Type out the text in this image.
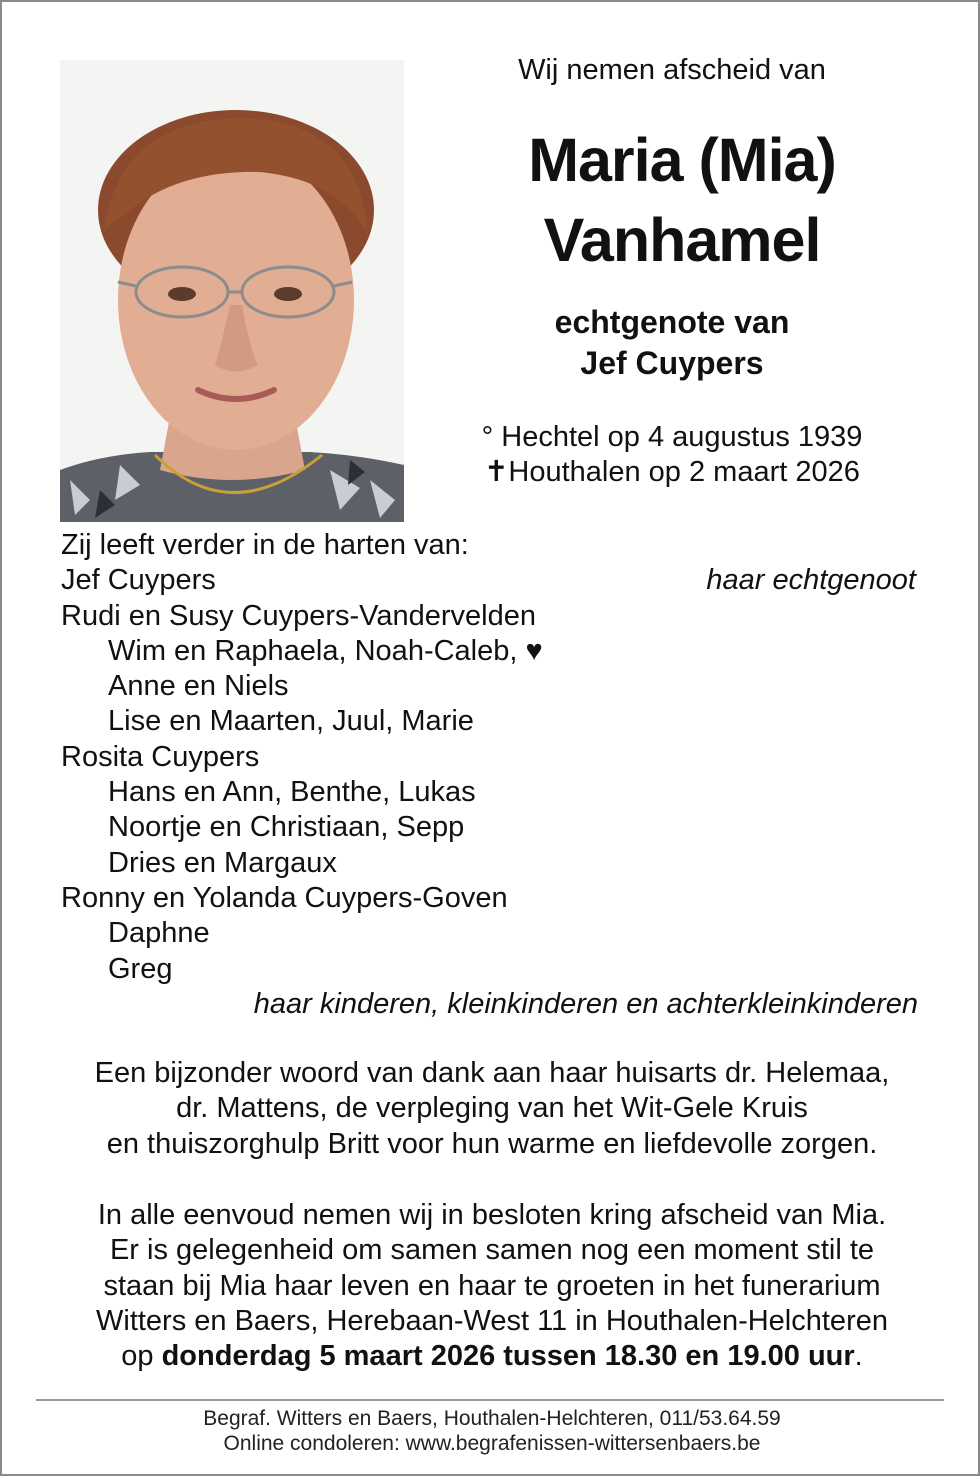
Wij nemen afscheid van
Maria (Mia)
Vanhamel
echtgenote van
Jef Cuypers
° Hechtel op 4 augustus 1939
✝Houthalen op 2 maart 2026
Zij leeft verder in de harten van:
Jef Cuypers	haar echtgenoot
Rudi en Susy Cuypers-Vandervelden
Wim en Raphaela, Noah-Caleb, ♥
Anne en Niels
Lise en Maarten, Juul, Marie
Rosita Cuypers
Hans en Ann, Benthe, Lukas
Noortje en Christiaan, Sepp
Dries en Margaux
Ronny en Yolanda Cuypers-Goven
Daphne
Greg
haar kinderen, kleinkinderen en achterkleinkinderen
Een bijzonder woord van dank aan haar huisarts dr. Helemaa,
dr. Mattens, de verpleging van het Wit-Gele Kruis
en thuiszorghulp Britt voor hun warme en liefdevolle zorgen.
In alle eenvoud nemen wij in besloten kring afscheid van Mia.
Er is gelegenheid om samen samen nog een moment stil te
staan bij Mia haar leven en haar te groeten in het funerarium
Witters en Baers, Herebaan-West 11 in Houthalen-Helchteren
op donderdag 5 maart 2026 tussen 18.30 en 19.00 uur.
Begraf. Witters en Baers, Houthalen-Helchteren, 011/53.64.59
Online condoleren: www.begrafenissen-wittersenbaers.be
